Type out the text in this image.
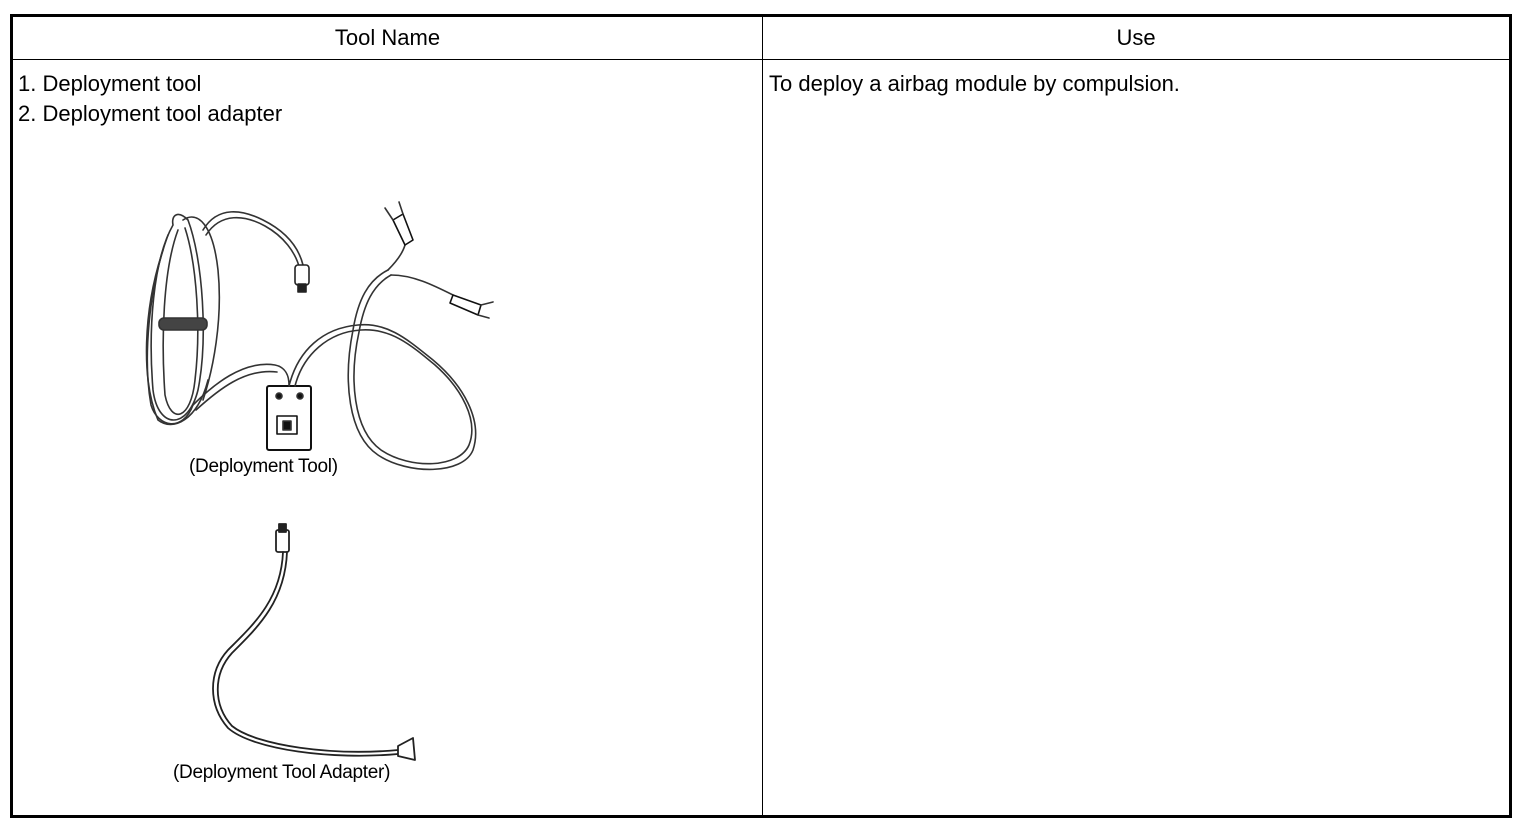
Tool Name	Use
1. Deployment tool
2. Deployment tool adapter
(Deployment Tool)
(Deployment Tool Adapter)
To deploy a airbag module by compulsion.
